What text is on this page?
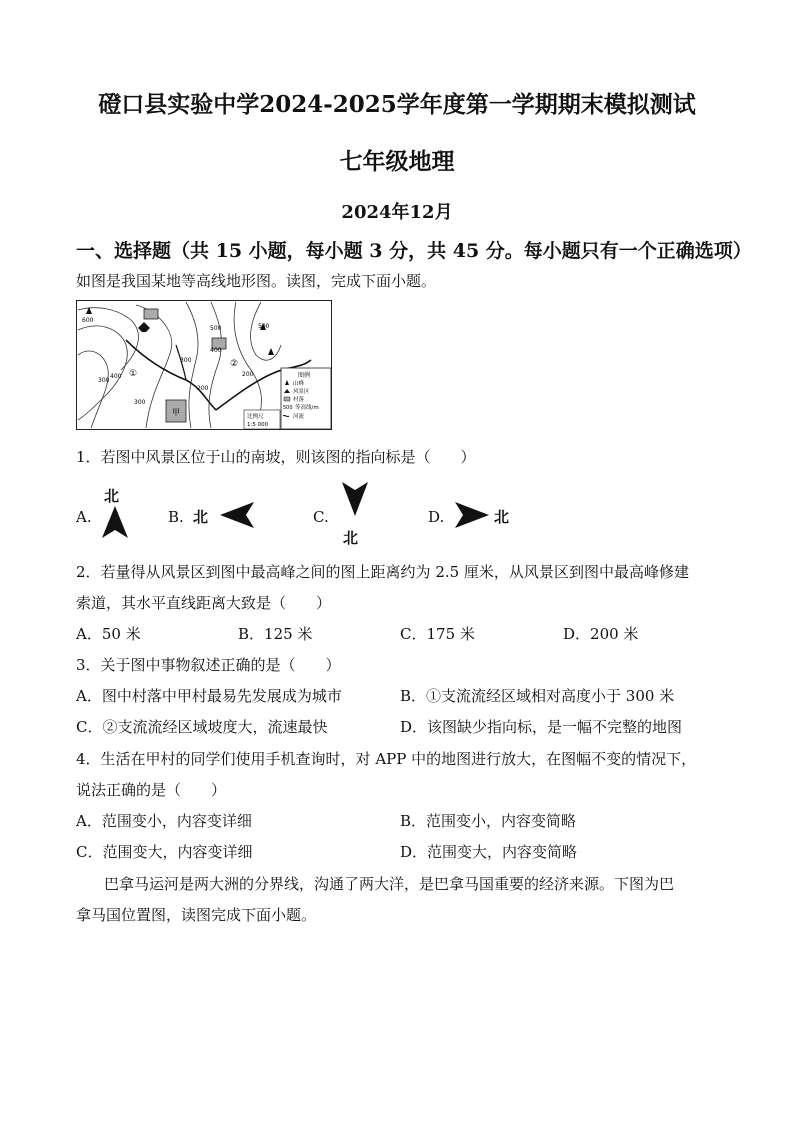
磴口县实验中学2024-2025学年度第一学期期末模拟测试
七年级地理
2024年12月
一、选择题（共 15 小题，每小题 3 分，共 45 分。每小题只有一个正确选项）
如图是我国某地等高线地形图。读图，完成下面小题。
甲
600
500
400
300
200
300
500
400
300
200
①
②
图例
山峰
风景区
村落
500 等高线/m
河流
比例尺
1:5 000
1．若图中风景区位于山的南坡，则该图的指向标是（　　）
A.
北
B. 北	C.
北
D.	北
2．若量得从风景区到图中最高峰之间的图上距离约为 2.5 厘米，从风景区到图中最高峰修建
索道，其水平直线距离大致是（　　）
A．50 米	B．125 米	C．175 米	D．200 米
3．关于图中事物叙述正确的是（　　）
A．图中村落中甲村最易先发展成为城市	B．①支流流经区域相对高度小于 300 米
C．②支流流经区域坡度大，流速最快	D．该图缺少指向标，是一幅不完整的地图
4．生活在甲村的同学们使用手机查询时，对 APP 中的地图进行放大，在图幅不变的情况下，
说法正确的是（　　）
A．范围变小，内容变详细	B．范围变小，内容变简略
C．范围变大，内容变详细	D．范围变大，内容变简略
巴拿马运河是两大洲的分界线，沟通了两大洋，是巴拿马国重要的经济来源。下图为巴
拿马国位置图，读图完成下面小题。
